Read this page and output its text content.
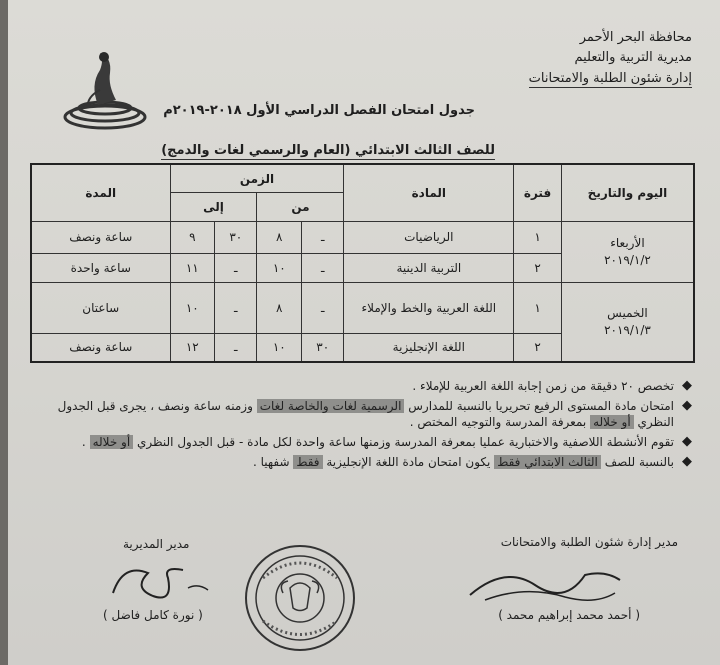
محافظة البحر الأحمر
مديرية التربية والتعليم
إدارة شئون الطلبة والامتحانات
جدول امتحان الفصل الدراسي الأول ٢٠١٨-٢٠١٩م
للصف الثالث الابتدائي (العام والرسمي لغات والدمج)
اليوم والتاريخ	فترة	المادة	الزمن				المدة
			من		إلى		

الأربعاء
٢٠١٩/١/٢	١	الرياضيات	ـ	٨	٣٠	٩	ساعة ونصف
	٢	التربية الدينية	ـ	١٠	ـ	١١	ساعة واحدة

الخميس
٢٠١٩/١/٣	١	اللغة العربية والخط والإملاء	ـ	٨	ـ	١٠	ساعتان
	٢	اللغة الإنجليزية	٣٠	١٠	ـ	١٢	ساعة ونصف
◆
تخصص ٢٠ دقيقة من زمن إجابة اللغة العربية للإملاء .
◆
امتحان مادة المستوى الرفيع تحريريا بالنسبة للمدارس الرسمية لغات والخاصة لغات وزمنه ساعة ونصف ، يجرى قبل الجدول النظري أو خلاله بمعرفة المدرسة والتوجيه المختص .
◆
تقوم الأنشطة اللاصفية والاختبارية عمليا بمعرفة المدرسة وزمنها ساعة واحدة لكل مادة - قبل الجدول النظري أو خلاله .
◆
بالنسبة للصف الثالث الابتدائي فقط يكون امتحان مادة اللغة الإنجليزية فقط شفهيا .
مدير إدارة شئون الطلبة والامتحانات
( أحمد محمد إبراهيم محمد )
مدير المديرية
( نورة كامل فاضل )
